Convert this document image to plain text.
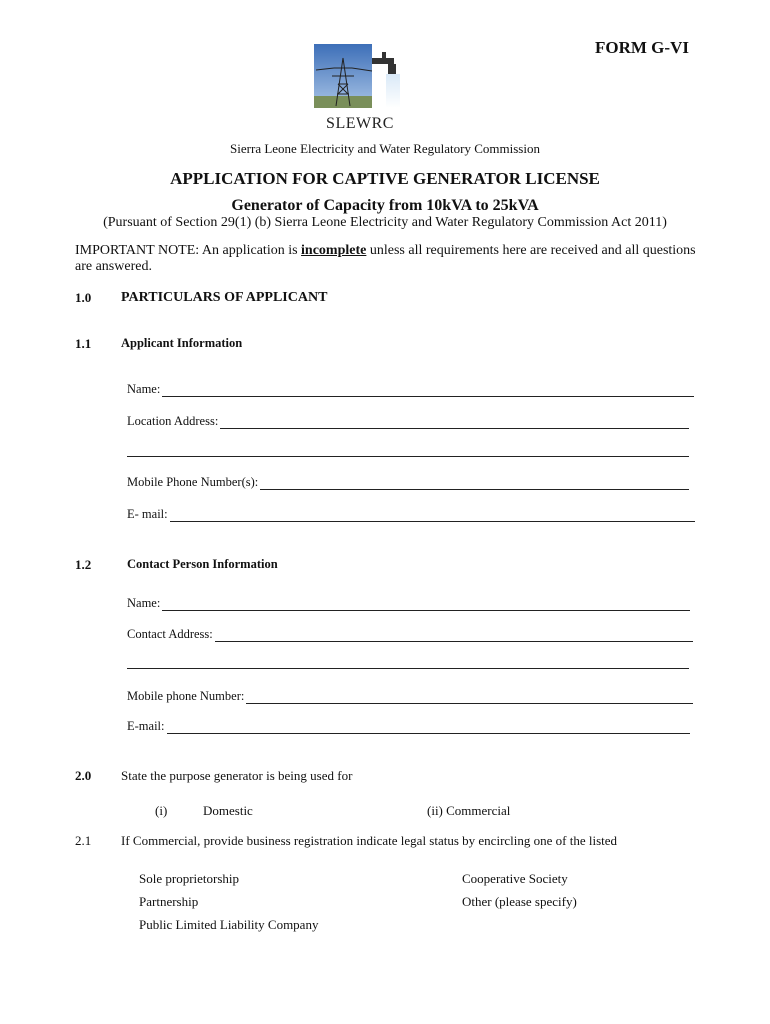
FORM G-VI
SLEWRC
Sierra Leone Electricity and Water Regulatory Commission
APPLICATION FOR CAPTIVE GENERATOR LICENSE
Generator of Capacity from 10kVA to 25kVA
(Pursuant of Section 29(1) (b) Sierra Leone Electricity and Water Regulatory Commission Act 2011)
IMPORTANT NOTE: An application is incomplete unless all requirements here are received and all questions are answered.
1.0 PARTICULARS OF APPLICANT
1.1 Applicant Information
Name:
Location Address:
Mobile Phone Number(s):
E- mail:
1.2	Contact Person Information
Name:
Contact Address:
Mobile phone Number:
E-mail:
2.0 State the purpose generator is being used for
(i)	Domestic	(ii) Commercial
2.1 If Commercial, provide business registration indicate legal status by encircling one of the listed
Sole proprietorship	Cooperative Society
Partnership	Other (please specify)
Public Limited Liability Company
